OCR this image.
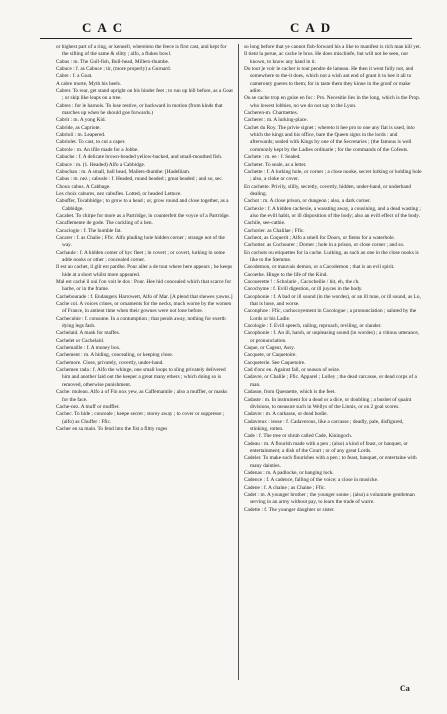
CAC	CAD

or highest part of a ring, or kennell, whereinto the feece is first cast, and kept for the sifting of the same & slitty ; alfo, a flukes bowl.

Cabus : m. The Gull-fish, Bull-head, Millers-thumbe.

Cabuce : f. as Cabuce ; tir, (more properly) a Gurnard.

Cabre : f. a Goat.

A cabre morte, Myth his heels.

Cabrer. To rear, get stand upright on his hinder feet ; to run up hill before, as a Goat ; or skip like leaps on a tree.

Cabres : for le harnois. To lose restive, or backward in motion (from kinds that marches up when he should goe forwards.)

Cabrit : m. A yong Kid.

Cabride, as Capriote.

Cabrioli : m. Leapered.

Cabriolet. To cast, to cut a caper.

Cabrole : m. An ifile made for a Jobbe.

Cabuche : f. A delicate brown-headed yellow-backed, and small-mouthed fish.

Cabuce : m. (1. Headed) Alfo a Cabbidge.

Cabuchan : m. A small, ball head, Mallets-thumbe: [Hadelliam.

Cabus : m. nez ; cabusle : f. Headed, round headed ; great headed ; and so, sec.

Choux cabus. A Cabbage.

Les choix cabures, nez cabufles. Lotted, or headed Lettuce.

Cabuffer, Tocabbidge ; to grow to a head ; or, grow round and close together, as a Cabbidge.

Cacabet. To chirpe for more as a Partridge, in counterfeit the voyce of a Partridge.

Cacaflemente de gode. The cackling of a hen.

Cacaclogie : f. The humble fat.

Cacarer : f. as Chalie ; Ffic. Alfo pluding hole hidden corner ; strange not of the way.

Cachaule : f. A hidden comer of hyc fleet ; in covert ; or covert, lurking in some adde nooks or other ; concealed corner.

Il est au cachet, il glit est pardhe. Pour aller a de tout where here appears ; he keeps hide at a short whilst more appeared.

Mal est caché il oui l'on voit le dos : Pour. Hee hid concealed which that scarce for harbe, or in the frame.

Cachebourade : f. Endangers Harrowett, Alfo of Mar. [A plend that shewes yawns.]

Cache col. A voices crines, or ornaments for the necks, much worne by the women of France, in antient time when their gownes were not lone before.

Cachecuhie : f. consume. In a contumption ; that pends away, nothing for exerth dying legs fash.

Cachelaid. A mask for maffes.

Cachelet or Cachelaid.

Cachemaille : f. A money box.

Cachement : m. A hiding, concealing, or keeping close.

Cachemore. Close, privately, covertly, under-hand.

Cachemen rada : f. Alfo the whinge, one small loops to sling privately delivered him and another laid out the keeper a great many ethers ; which doing so is removed, otherwise punishment.

Cache: muleau. Alfo a of Fin nox yew, as Caffemamile ; also a muffler, or masks for the face.

Cache-nez. A muff or muffler.

Cachec. To hide ; conceale ; keepe secret ; storey away ; to cover or suppresse ; (alfo) as Chuffer : Ffic.

Cacher en sa main. To fend into the fist a flitty roges

so long before that ye cannot fish-forward his a like to manifest is rich man kill yet.

Il tient la perue, ac cache le brus. He does mischiefe, but will not be seen, nor known, to know any hand in it.

Du tout je voir le cacher is tout pendre de lameau. He then it went fully not, and somewhere to the-it does, which not a wish ant end of grant it to hee it all to cameronty gueres to them; for in taste them they kinne in the gronf or make adire.

Ou se cache trop en guise en foc : Pro. Necesitie lies in the long, which is the Prop. who lowest lobbies, no we do not say to the Lyon.

Cacheren-m. Charmettes.

Cacheret : m. A lurking-place.

Cachet du Roy. The privie signet ; whereto it hee pro to one any fiat is used, into which the kings and his office, bare the Queen signs in the lords : and afterwards; sealed with Kings by one of the Secretaries ; (the famous is well commonly kept by the Ladies ordinarie ; for the commands of the Cofeuts.

Cachete : m. ee : f. Sealed.

Cacheter. To seale, as a letter.

Cachette : f. A lurking hole, or corner ; a close nooke, secret lurking or holding hole ; also, a cloke or cover.

En cachette. Privily, slilly, secretly, covertly, hidden, under-hand, or underhand dealing.

Cachot : m. A close prison, or dungeon ; also, a dark corner.

Cachexie : f. A hidden cachexie, a wassting away, a cousining, and a dead wasting ; also the evill habit, or ill disposition of the body; also an evill effect of the body.

Cachile, see-cathie.

Cachorier. as Chalilae ; Ffic.

Cacheot, as Coquerit ; Alfo a smell for Doors, or fiems for a waterhole.

Cachotter. as Cochourer ; Dorner ; hole in a prison, or close corner ; and so.

En cachots ou etiquettes for la cache. Lurking, as such an one in the close nooks is like to the Stemme.

Cacodemon, or mauvais demon, or a Cacodemon ; that is an evil spirit.

Cacoethe. Hinge to the life of the Kind.

Cacouerette ! : Scholarie , Cacocheilie / hit, eh, the ch.

Cacochyme : f. Evill digestion, or ill juyces in the body.

Cacophonie : f. A bad or ill sound (in the wordes), or an ill tune, or ill sound, as Lo, that is hose, and worse.

Caconphoe : Ffic, cachocoyement in Cacologue ; a pronunciation ; saluted by the Lords or his Ladie.

Cacologie : f. Evill speech, railing, reproach, reviling, or slander.

Cacophonie : f. An ill, harsh, or unpleasing sound (in wordes) ; a vitious utterance, or pronunciation.

Caque, or Cageur, Assy.

Cacquete, or Caquetoire.

Cacqueterie. See Caquetoire.

Cad d'onc en. Against fall, or season of seize.

Cadavre, or Chalile ; Ffic. Apparel ; Lolley ; the dead carcasse, or dead corps of a man.

Cadasse, from Quesnette, which is the feet.

Cadaste : m. In instrument for a dead or a dice, or doubling ; a bushet of quaint divisions, to measure such in Wellys of the Linnis, or on 2 goal scores.

Cadavre : m. A carkasse, or dead bodie.

Cadavreux : ieuse : f. Cadaverous, like a carcasse ; deadly, pale, disfigured, stinking, rotten.

Cade : f. The tree or shrub called Cade, Kiningoch.

Cadeau : m. A flourish made with a pen ; (also) a kind of feast, or banquet, or entertainment; a dish of the Court ; or of any great Lords.

Cadeler. To make such flourishes with a pen ; to feast, banquet, or entertaine with many dainties.

Cadenas : m. A padlocke, or hanging lock.

Cadence : f. A cadence, falling of the voice; a close in musicke.

Cadene : f. A chaine ; as Chaine ; Ffic.

Cadet : m. A younger brother ; the younger sonne ; (also) a voluntarie gentleman serving in an army without pay, to learn the trade of warre.

Cadette : f. The younger daughter or sister.

Ca
